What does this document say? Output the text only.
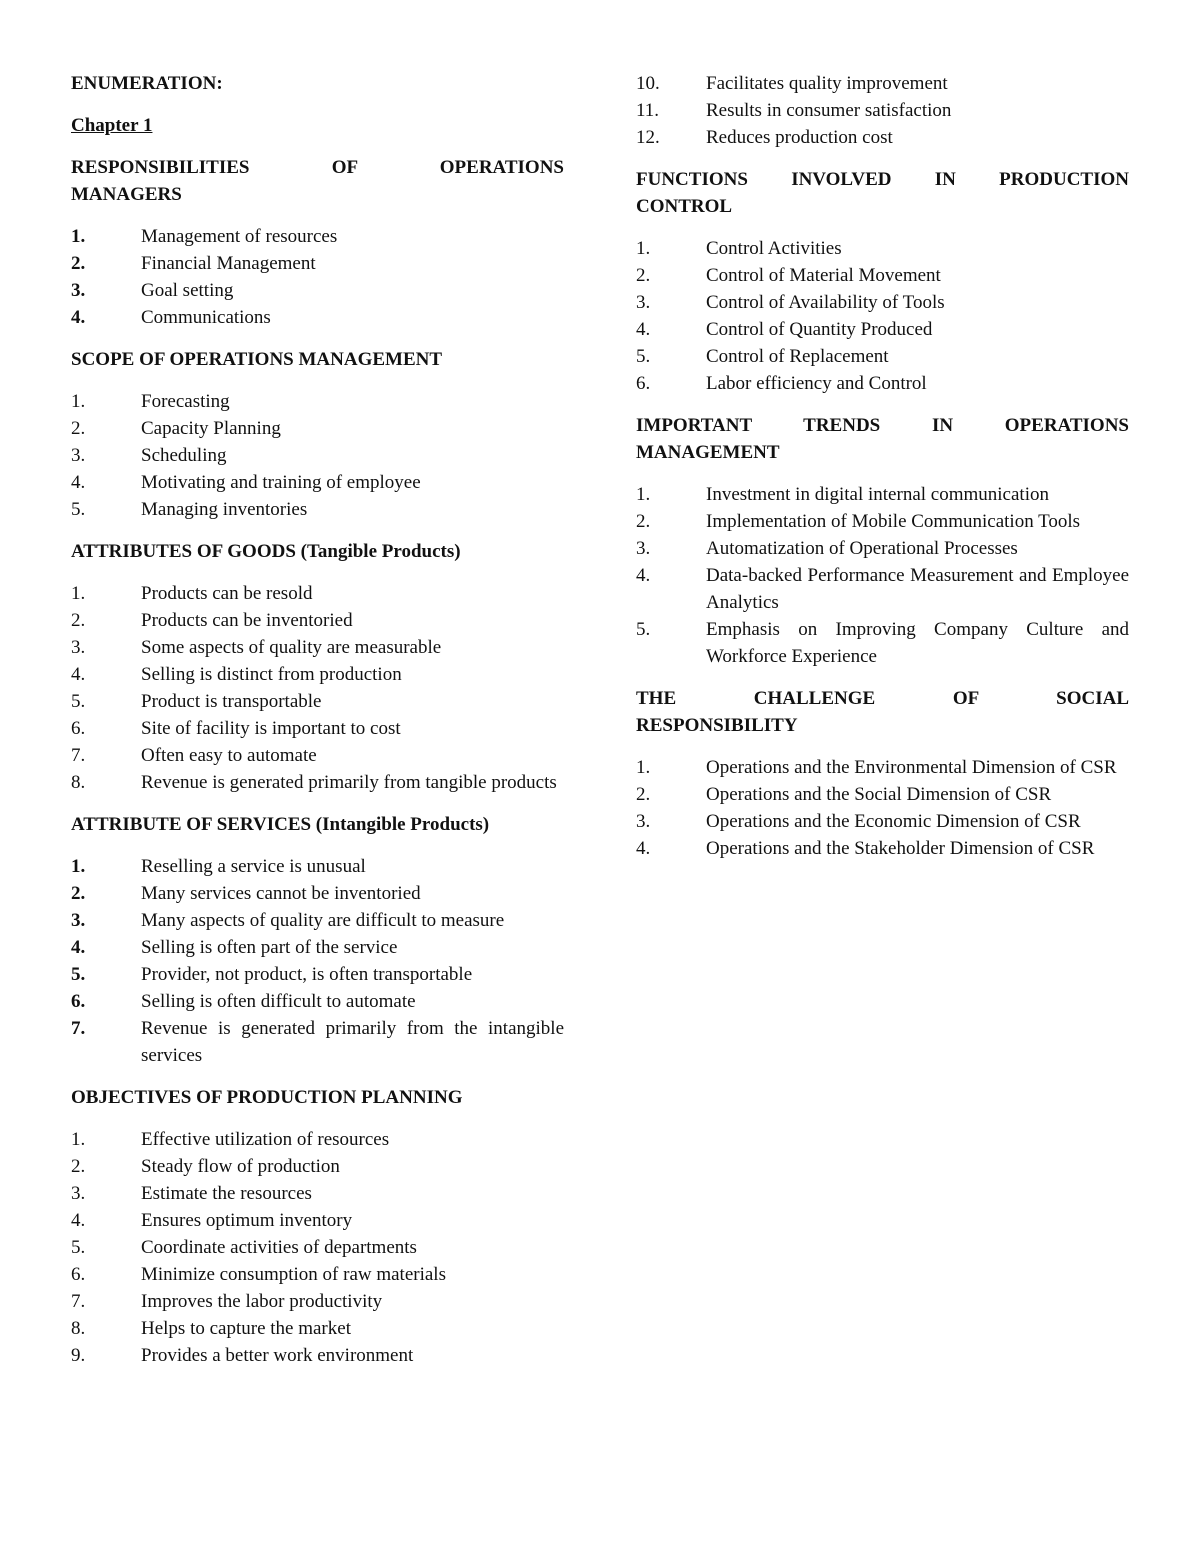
ENUMERATION:
Chapter 1
RESPONSIBILITIES OF OPERATIONS
MANAGERS
1.	Management of resources
2.	Financial Management
3.	Goal setting
4.	Communications
SCOPE OF OPERATIONS MANAGEMENT
1.	Forecasting
2.	Capacity Planning
3.	Scheduling
4.	Motivating and training of employee
5.	Managing inventories
ATTRIBUTES OF GOODS (Tangible Products)
1.	Products can be resold
2.	Products can be inventoried
3.	Some aspects of quality are measurable
4.	Selling is distinct from production
5.	Product is transportable
6.	Site of facility is important to cost
7.	Often easy to automate
8.	Revenue is generated primarily from tangible products
ATTRIBUTE OF SERVICES (Intangible Products)
1.	Reselling a service is unusual
2.	Many services cannot be inventoried
3.	Many aspects of quality are difficult to measure
4.	Selling is often part of the service
5.	Provider, not product, is often transportable
6.	Selling is often difficult to automate
7.	Revenue is generated primarily from the intangible services
OBJECTIVES OF PRODUCTION PLANNING
1.	Effective utilization of resources
2.	Steady flow of production
3.	Estimate the resources
4.	Ensures optimum inventory
5.	Coordinate activities of departments
6.	Minimize consumption of raw materials
7.	Improves the labor productivity
8.	Helps to capture the market
9.	Provides a better work environment
10.	Facilitates quality improvement
11.	Results in consumer satisfaction
12.	Reduces production cost
FUNCTIONS INVOLVED IN PRODUCTION
CONTROL
1.	Control Activities
2.	Control of Material Movement
3.	Control of Availability of Tools
4.	Control of Quantity Produced
5.	Control of Replacement
6.	Labor efficiency and Control
IMPORTANT TRENDS IN OPERATIONS
MANAGEMENT
1.	Investment in digital internal communication
2.	Implementation of Mobile Communication Tools
3.	Automatization of Operational Processes
4.	Data-backed Performance Measurement and Employee Analytics
5.	Emphasis on Improving Company Culture and Workforce Experience
THE CHALLENGE OF SOCIAL
RESPONSIBILITY
1.	Operations and the Environmental Dimension of CSR
2.	Operations and the Social Dimension of CSR
3.	Operations and the Economic Dimension of CSR
4.	Operations and the Stakeholder Dimension of CSR
